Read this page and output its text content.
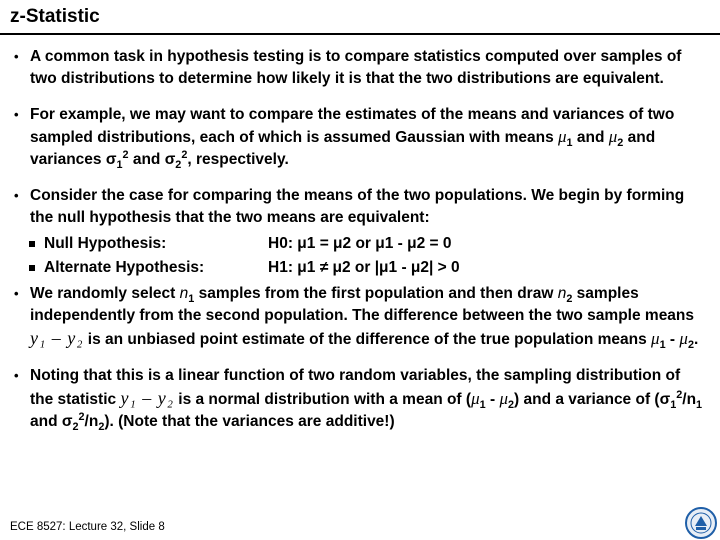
z-Statistic
• A common task in hypothesis testing is to compare statistics computed over samples of two distributions to determine how likely it is that the two distributions are equivalent.
• For example, we may want to compare the estimates of the means and variances of two sampled distributions, each of which is assumed Gaussian with means $\mu_1$ and $\mu_2$ and variances $\sigma_1^2$ and $\sigma_2^2$, respectively.
• Consider the case for comparing the means of the two populations. We begin by forming the null hypothesis that the two means are equivalent:
Null Hypothesis:	H0: μ1 = μ2 or μ1 - μ2 = 0
Alternate Hypothesis:	H1: μ1 ≠ μ2 or |μ1 - μ2| > 0
• We randomly select $n_1$ samples from the first population and then draw $n_2$ samples independently from the second population. The difference between the two sample means y₁ – y₂ is an unbiased point estimate of the difference of the true population means $\mu_1 - \mu_2$.
• Noting that this is a linear function of two random variables, the sampling distribution of the statistic y₁ – y₂ is a normal distribution with a mean of $(\mu_1 - \mu_2)$ and a variance of ($\sigma_1^2/n_1$ and $\sigma_2^2/n_2$). (Note that the variances are additive!)
ECE 8527: Lecture 32, Slide 8
